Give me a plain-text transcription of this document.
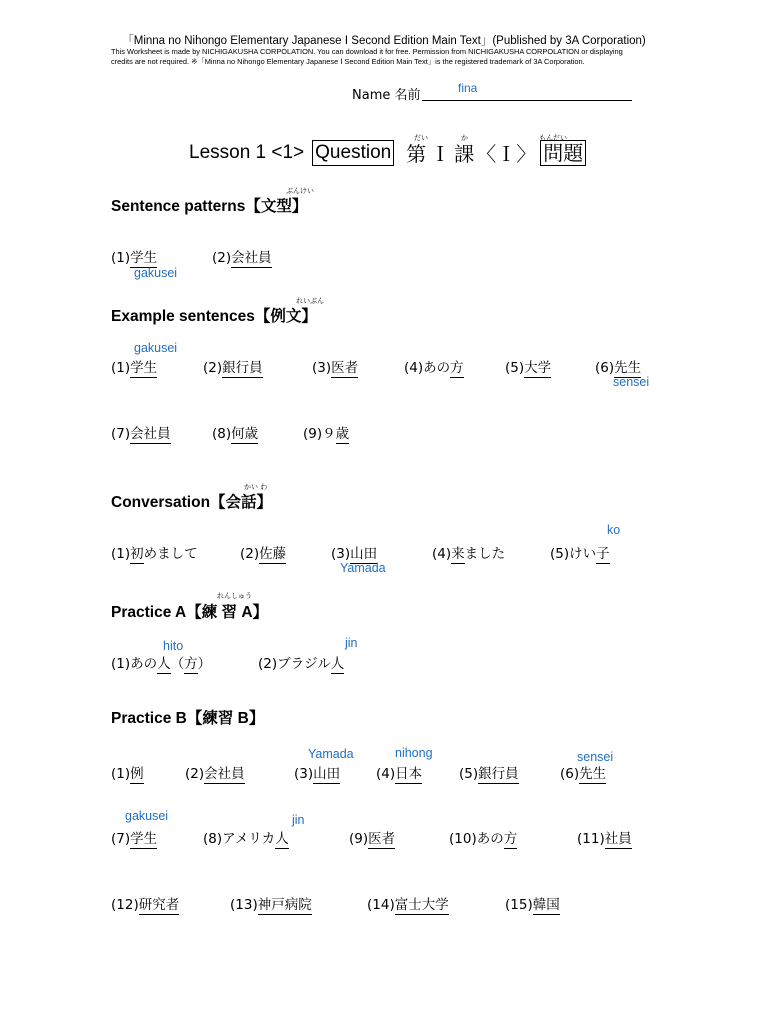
「Minna no Nihongo Elementary Japanese Ⅰ Second Edition Main Text」(Published by 3A Corporation)
This Worksheet is made by NICHIGAKUSHA CORPOLATION. You can download it for free. Permission from NICHIGAKUSHA CORPOLATION or displaying
credits are not required. ※「Minna no Nihongo Elementary Japanese Ⅰ Second Edition Main Text」is the registered trademark of 3A Corporation.
Name 名前	fina
Lesson 1 <1> Question 第 Ｉ 課 〈Ｉ〉 問題
だい	か	もんだい
ぶんけい
Sentence patterns【文型】
(1)学生	(2)会社員
gakusei
れいぶん
Example sentences【例文】
gakusei
(1)学生	(2)銀行員	(3)医者	(4)あの方	(5)大学	(6)先生
sensei
(7)会社員	(8)何歳	(9)９歳
かい わ
Conversation【会話】
ko
(1)初めまして	(2)佐藤	(3)山田	(4)来ました	(5)けい子
Yamada
れんしゅう
Practice A【練 習 A】
hito	jin
(1)あの人（方）	(2)ブラジル人
Practice B【練習 B】
Yamada	nihong	sensei
(1)例	(2)会社員	(3)山田	(4)日本	(5)銀行員	(6)先生
gakusei	jin
(7)学生	(8)アメリカ人	(9)医者	(10)あの方	(11)社員
(12)研究者	(13)神戸病院	(14)富士大学	(15)韓国
